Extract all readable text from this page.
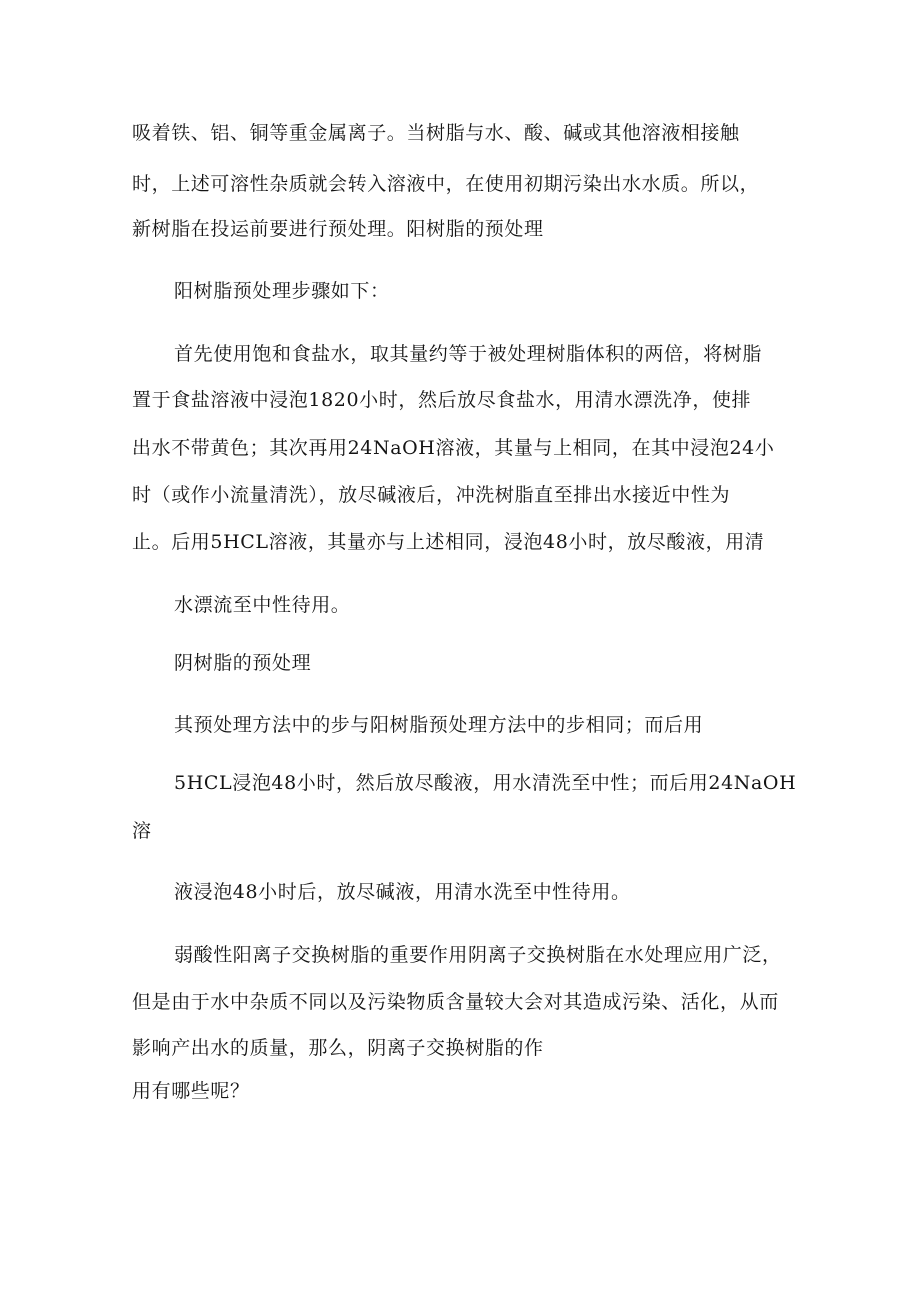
吸着铁、铝、铜等重金属离子。当树脂与水、酸、碱或其他溶液相接触
时，上述可溶性杂质就会转入溶液中，在使用初期污染出水水质。所以，
新树脂在投运前要进行预处理。阳树脂的预处理
阳树脂预处理步骤如下：
首先使用饱和食盐水，取其量约等于被处理树脂体积的两倍，将树脂
置于食盐溶液中浸泡1820小时，然后放尽食盐水，用清水漂洗净，使排
出水不带黄色；其次再用24NaOH溶液，其量与上相同，在其中浸泡24小
时（或作小流量清洗），放尽碱液后，冲洗树脂直至排出水接近中性为
止。后用5HCL溶液，其量亦与上述相同，浸泡48小时，放尽酸液，用清
水漂流至中性待用。
阴树脂的预处理
其预处理方法中的步与阳树脂预处理方法中的步相同；而后用
5HCL浸泡48小时，然后放尽酸液，用水清洗至中性；而后用24NaOH
溶
液浸泡48小时后，放尽碱液，用清水洗至中性待用。
弱酸性阳离子交换树脂的重要作用阴离子交换树脂在水处理应用广泛，
但是由于水中杂质不同以及污染物质含量较大会对其造成污染、活化，从而
影响产出水的质量，那么，阴离子交换树脂的作
用有哪些呢？
